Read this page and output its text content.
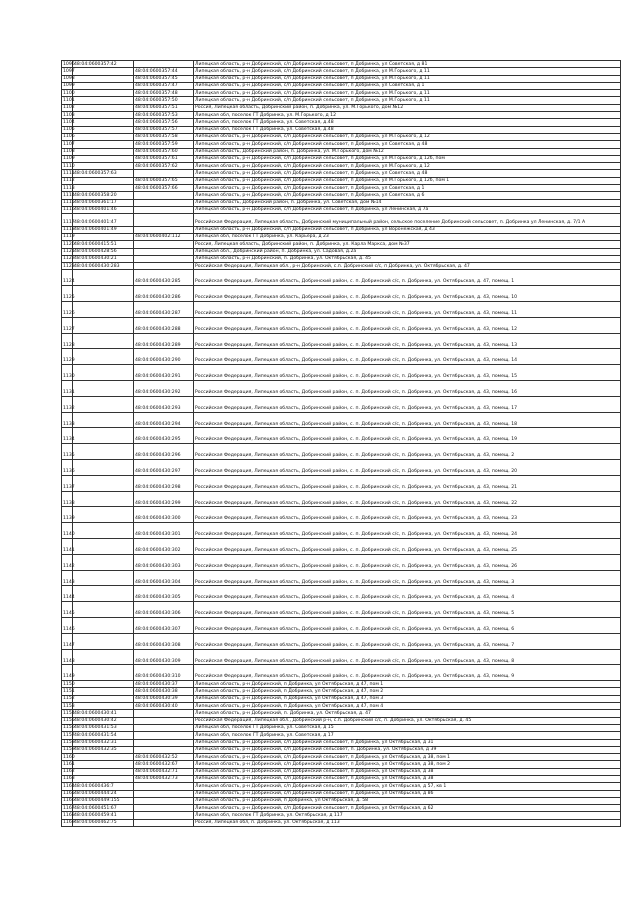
1096	48:04:0600357:42		Липецкая область, р-н Добринский, с/п Добринский сельсовет, п Добринка, ул Советская, д 81
1097		48:04:0600357:44	Липецкая область, р-н Добринский, с/п Добринский сельсовет, п Добринка, ул М.Горького, д 11
1098		48:04:0600357:45	Липецкая область, р-н Добринский, с/п Добринский сельсовет, п Добринка, ул М.Горького, д 11
1099		48:04:0600357:47	Липецкая область, р-н Добринский, с/п Добринский сельсовет, п Добринка, ул Советская, д 1
1100		48:04:0600357:48	Липецкая область, р-н Добринский, с/п Добринский сельсовет, п Добринка, ул М.Горького, д 11
1101		48:04:0600357:50	Липецкая область, р-н Добринский, с/п Добринский сельсовет, п Добринка, ул М.Горького, д 11
1102		48:04:0600357:51	Россия, Липецкая область, Добринский район, п. Добринка, ул. М.Горького, дом №12
1103		48:04:0600357:53	Липецкая обл, поселок ГТ Добринка, ул. М.Горького, д 12
1104		48:04:0600357:56	Липецкая обл, поселок ГТ Добринка, ул. Советская, д.48
1105		48:04:0600357:57	Липецкая обл, поселок ГТ Добринка, ул. Советская, д.48
1106		48:04:0600357:58	Липецкая область, р-н Добринский, с/п Добринский сельсовет, п Добринка, ул М.Горького, д 12
1107		48:04:0600357:59	Липецкая область, р-н Добринский, с/п Добринский сельсовет, п Добринка, ул Советская, д 48
1108		48:04:0600357:60	Липецкая область, Добринский район, п. Добринка, ул. М.Горького, дом №12
1109		48:04:0600357:61	Липецкая область, р-н Добринский, с/п Добринский сельсовет, п Добринка, ул М.Горького, д 12б, пом
1110		48:04:0600357:62	Липецкая область, р-н Добринский, с/п Добринский сельсовет, п Добринка, ул М.Горького, д 12
1111	48:04:0600357:63		Липецкая область, р-н Добринский, с/п Добринский сельсовет, п Добринка, ул Советская, д 48
1112		48:04:0600357:65	Липецкая область, р-н Добринский, с/п Добринский сельсовет, п Добринка, ул М.Горького, д 12б, пом 1
1113		48:04:0600357:66	Липецкая область, р-н Добринский, с/п Добринский сельсовет, п Добринка, ул Советская, д 1
1114	48:04:0600358:20		Липецкая область, р-н Добринский, с/п Добринский сельсовет, п Добринка, ул Советская, д 6
1115	48:04:0600361:17		Липецкая область, Добринский район, п. Добринка, ул. Советская, дом №14
1116	48:04:0600401:46		Липецкая область, р-н Добринский, с/п Добринский сельсовет, п Добринка, ул Ленинская, д 7а
1117	48:04:0600401:47		Российская Федерация, Липецкая область, Добринский муниципальный район, сельское поселение Добринский сельсовет, п. Добринка ул Ленинская, д. 7/1 А
1118	48:04:0600401:49		Липецкая область, р-н Добринский, с/п Добринский сельсовет, п Добринка, ул Воронежская, д 43
1119		48:04:0600402:112	Липецкая обл, поселок ГТ Добринка, ул. Карьера, д 23
1120	48:04:0600415:51		Россия, Липецкая область, Добринский район, п. Добринка, ул. Карла Маркса, дом №37
1121	48:04:0600428:56		Липецкая обл., Добринский район, п. Добринка, ул. Садовая, д.2а
1122	48:04:0600430:21		Липецкая область, р-н Добринский, п. Добринка, ул. Октябрьская, д. 45
1123	48:04:0600430:283		Российская Федерация, Липецкая обл., р-н Добринский, с.п. Добринский с/с, п Добринка, ул. Октябрьская, д. 47
1124		48:04:0600430:285	Российская Федерация, Липецкая область, Добринский район, с. п. Добринский с/с, п. Добринка, ул. Октябрьская, д. 47, помещ. 1
1125		48:04:0600430:286	Российская Федерация, Липецкая область, Добринский район, с. п. Добринский с/с, п. Добринка, ул. Октябрьская, д. 43, помещ. 10
1126		48:04:0600430:287	Российская Федерация, Липецкая область, Добринский район, с. п. Добринский с/с, п. Добринка, ул. Октябрьская, д. 43, помещ. 11
1127		48:04:0600430:288	Российская Федерация, Липецкая область, Добринский район, с. п. Добринский с/с, п. Добринка, ул. Октябрьская, д. 43, помещ. 12
1128		48:04:0600430:289	Российская Федерация, Липецкая область, Добринский район, с. п. Добринский с/с, п. Добринка, ул. Октябрьская, д. 43, помещ. 13
1129		48:04:0600430:290	Российская Федерация, Липецкая область, Добринский район, с. п. Добринский с/с, п. Добринка, ул. Октябрьская, д. 43, помещ. 14
1130		48:04:0600430:291	Российская Федерация, Липецкая область, Добринский район, с. п. Добринский с/с, п. Добринка, ул. Октябрьская, д. 43, помещ. 15
1131		48:04:0600430:292	Российская Федерация, Липецкая область, Добринский район, с. п. Добринский с/с, п. Добринка, ул. Октябрьская, д. 43, помещ. 16
1132		48:04:0600430:293	Российская Федерация, Липецкая область, Добринский район, с. п. Добринский с/с, п. Добринка, ул. Октябрьская, д. 43, помещ. 17
1133		48:04:0600430:294	Российская Федерация, Липецкая область, Добринский район, с. п. Добринский с/с, п. Добринка, ул. Октябрьская, д. 43, помещ. 18
1134		48:04:0600430:295	Российская Федерация, Липецкая область, Добринский район, с. п. Добринский с/с, п. Добринка, ул. Октябрьская, д. 43, помещ. 19
1135		48:04:0600430:296	Российская Федерация, Липецкая область, Добринский район, с. п. Добринский с/с, п. Добринка, ул. Октябрьская, д. 43, помещ. 2
1136		48:04:0600430:297	Российская Федерация, Липецкая область, Добринский район, с. п. Добринский с/с, п. Добринка, ул. Октябрьская, д. 43, помещ. 20
1137		48:04:0600430:298	Российская Федерация, Липецкая область, Добринский район, с. п. Добринский с/с, п. Добринка, ул. Октябрьская, д. 43, помещ. 21
1138		48:04:0600430:299	Российская Федерация, Липецкая область, Добринский район, с. п. Добринский с/с, п. Добринка, ул. Октябрьская, д. 43, помещ. 22
1139		48:04:0600430:300	Российская Федерация, Липецкая область, Добринский район, с. п. Добринский с/с, п. Добринка, ул. Октябрьская, д. 43, помещ. 23
1140		48:04:0600430:301	Российская Федерация, Липецкая область, Добринский район, с. п. Добринский с/с, п. Добринка, ул. Октябрьская, д. 43, помещ. 24
1141		48:04:0600430:302	Российская Федерация, Липецкая область, Добринский район, с. п. Добринский с/с, п. Добринка, ул. Октябрьская, д. 43, помещ. 25
1142		48:04:0600430:303	Российская Федерация, Липецкая область, Добринский район, с. п. Добринский с/с, п. Добринка, ул. Октябрьская, д. 43, помещ. 26
1143		48:04:0600430:304	Российская Федерация, Липецкая область, Добринский район, с. п. Добринский с/с, п. Добринка, ул. Октябрьская, д. 43, помещ. 3
1144		48:04:0600430:305	Российская Федерация, Липецкая область, Добринский район, с. п. Добринский с/с, п. Добринка, ул. Октябрьская, д. 43, помещ. 4
1145		48:04:0600430:306	Российская Федерация, Липецкая область, Добринский район, с. п. Добринский с/с, п. Добринка, ул. Октябрьская, д. 43, помещ. 5
1146		48:04:0600430:307	Российская Федерация, Липецкая область, Добринский район, с. п. Добринский с/с, п. Добринка, ул. Октябрьская, д. 43, помещ. 6
1147		48:04:0600430:308	Российская Федерация, Липецкая область, Добринский район, с. п. Добринский с/с, п. Добринка, ул. Октябрьская, д. 43, помещ. 7
1148		48:04:0600430:309	Российская Федерация, Липецкая область, Добринский район, с. п. Добринский с/с, п. Добринка, ул. Октябрьская, д. 43, помещ. 8
1149		48:04:0600430:310	Российская Федерация, Липецкая область, Добринский район, с. п. Добринский с/с, п. Добринка, ул. Октябрьская, д. 43, помещ. 9
1150		48:04:0600430:37	Липецкая область, р-н Добринский, п Добринка, ул Октябрьская, д 47, пом 1
1151		48:04:0600430:38	Липецкая область, р-н Добринский, п Добринка, ул Октябрьская, д 47, пом 2
1152		48:04:0600430:39	Липецкая область, р-н Добринский, п Добринка, ул Октябрьская, д 47, пом 3
1153		48:04:0600430:40	Липецкая область, р-н Добринский, п Добринка, ул Октябрьская, д 47, пом 4
1154	48:04:0600430:41		Липецкая область, р-н Добринский, п. Добринка, ул. Октябрьская, д. 47
1155	48:04:0600430:42		Российская Федерация, Липецкая обл., Добринский р-н, с.п. Добринский с/с, п. Добринка, ул. Октябрьская, д. 45
1156	48:04:0600431:53		Липецкая обл, поселок ГТ Добринка, ул. Советская, д 15
1157	48:04:0600431:54		Липецкая обл, поселок ГТ Добринка, ул. Советская, д 17
1158	48:04:0600432:31		Липецкая область, р-н Добринский, с/п Добринский сельсовет, п Добринка, ул Октябрьская, д 31
1159	48:04:0600432:35		Липецкая область, р-н Добринский, с/п Добринский сельсовет, п. Добринка, ул. Октябрьская, д 39
1160		48:04:0600432:52	Липецкая область, р-н Добринский, с/п Добринский сельсовет, п Добринка, ул Октябрьская, д 38, пом 1
1161		48:04:0600432:67	Липецкая область, р-н Добринский, с/п Добринский сельсовет, п Добринка, ул Октябрьская, д 38, пом 2
1162		48:04:0600432:71	Липецкая область, р-н Добринский, с/п Добринский сельсовет, п Добринка, ул Октябрьская, д 38
1163		48:04:0600432:73	Липецкая область, р-н Добринский, с/п Добринский сельсовет, п Добринка, ул Октябрьская, д 38
1164	48:04:0600436:7		Липецкая область, р-н Добринский, с/п Добринский сельсовет, п Добринка, ул Октябрьская, д 57, кв 1
1165	48:04:0600444:24		Липецкая область, р-н Добринский, с/п Добринский сельсовет, п Добринка, ул Октябрьская, д 86
1166	48:04:0600449:155		Липецкая область, р-н Добринский, п Добринка, ул Октябрьская, д. 58
1167	48:04:0600451:67		Липецкая область, р-н Добринский, с/п Добринский сельсовет, п Добринка, ул Октябрьская, д 62
1168	48:04:0600459:41		Липецкая обл, поселок ГТ Добринка, ул. Октябрьская, д 117
1169	48:04:0600462:75		Россия, Липецкая обл, п. Добринка, ул. Октябрьская, д 113
